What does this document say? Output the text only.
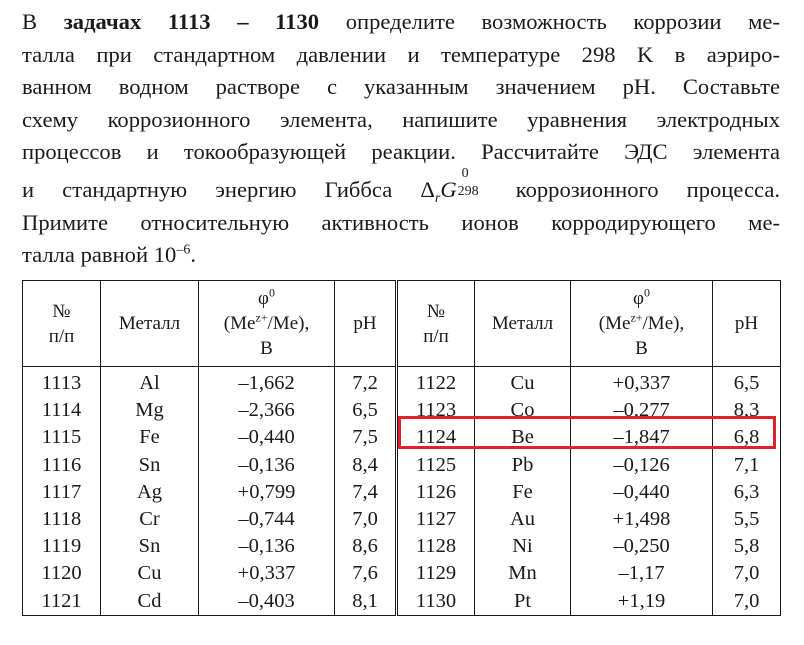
В задачах 1113 – 1130 определите возможность коррозии ме-
талла при стандартном давлении и температуре 298 K в аэриро-
ванном водном растворе с указанным значением pH. Составьте
схему коррозионного элемента, напишите уравнения электродных
процессов и токообразующей реакции. Рассчитайте ЭДС элемента
и стандартную энергию Гиббса $\Delta_rG$
0
298 коррозионного процесса.
Примите относительную активность ионов корродирующего ме-
талла равной $10^{-6}$.
№
п/п	Металл	$\varphi^0$
$(Me^{z+}/Me)$,
В	pH	№
п/п	Металл	$\varphi^0$
$(Me^{z+}/Me)$,
В	pH
1113	Al	–1,662	7,2	1122	Cu	+0,337	6,5
1114	Mg	–2,366	6,5	1123	Co	–0,277	8,3
1115	Fe	–0,440	7,5	1124	Be	–1,847	6,8
1116	Sn	–0,136	8,4	1125	Pb	–0,126	7,1
1117	Ag	+0,799	7,4	1126	Fe	–0,440	6,3
1118	Cr	–0,744	7,0	1127	Au	+1,498	5,5
1119	Sn	–0,136	8,6	1128	Ni	–0,250	5,8
1120	Cu	+0,337	7,6	1129	Mn	–1,17	7,0
1121	Cd	–0,403	8,1	1130	Pt	+1,19	7,0
